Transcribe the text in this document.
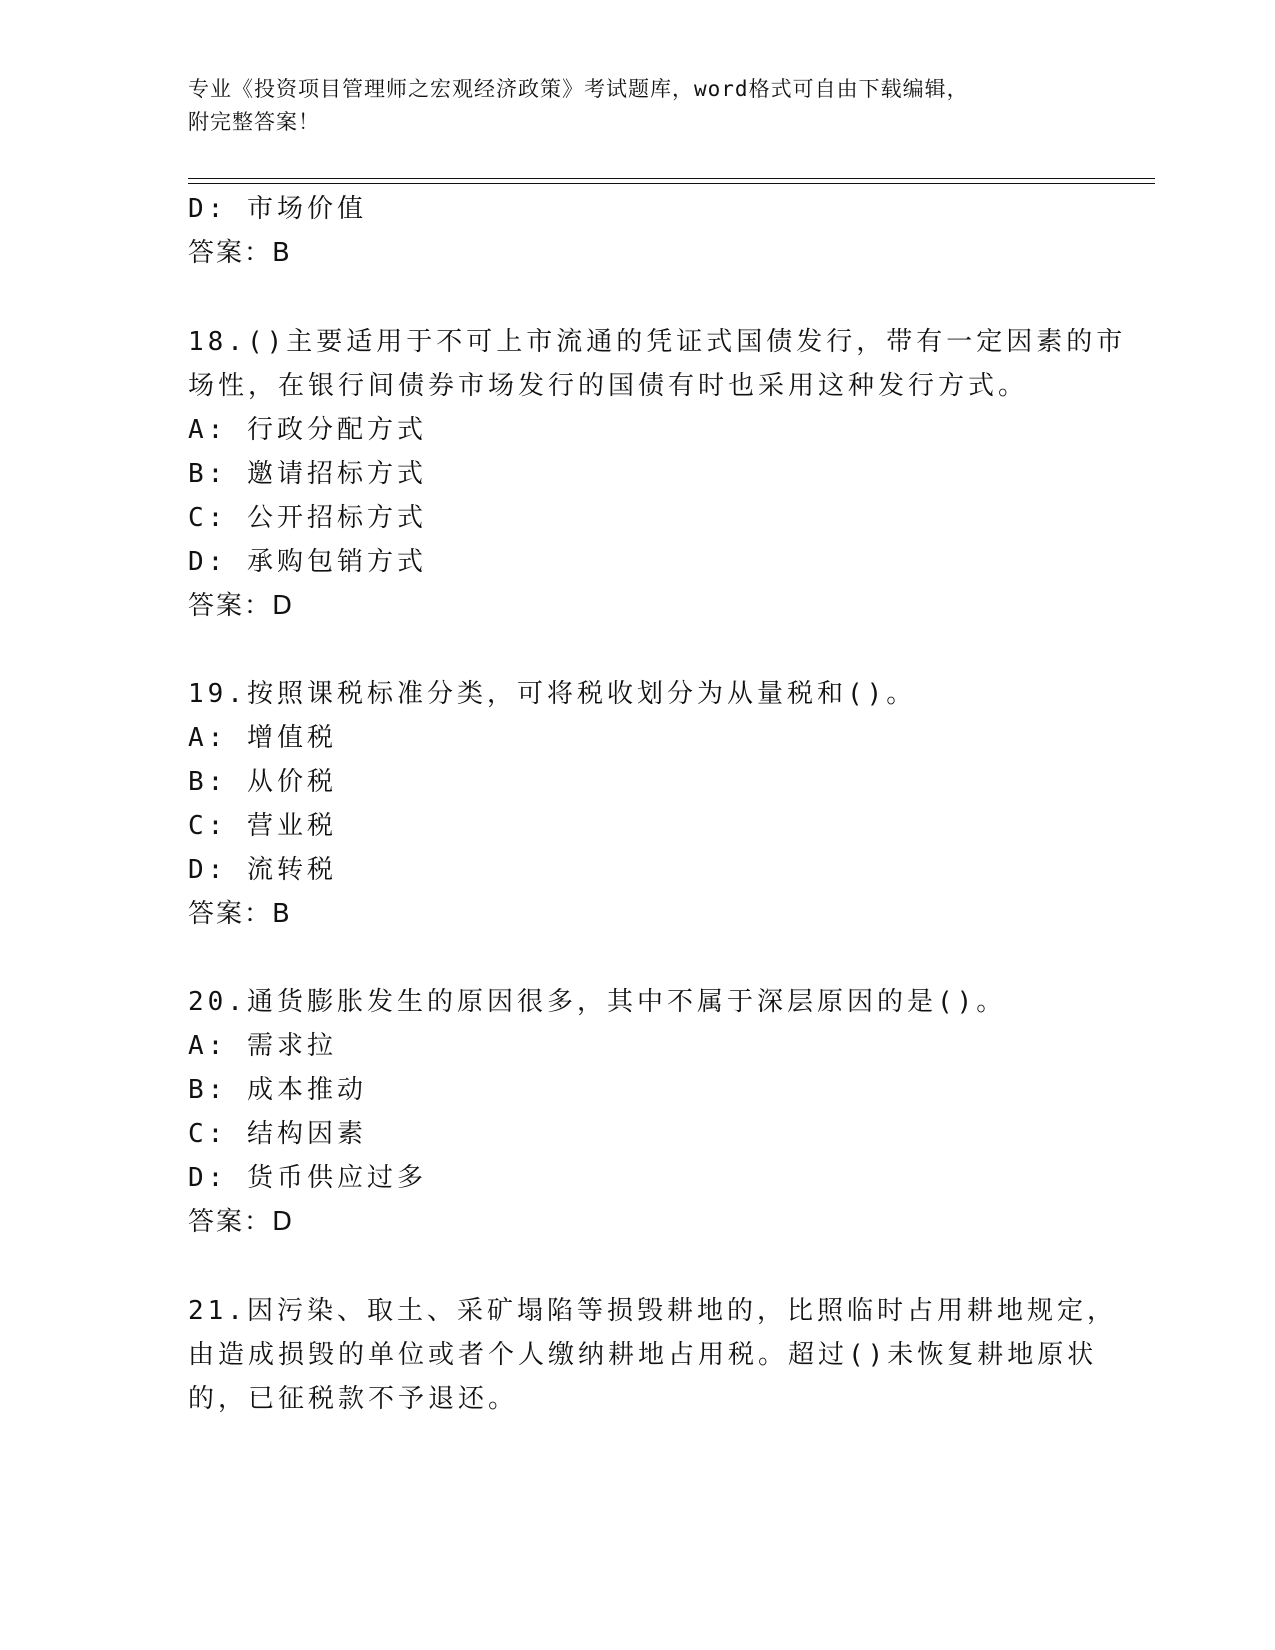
专业《投资项目管理师之宏观经济政策》考试题库，word格式可自由下载编辑，
附完整答案！
D: 市场价值
答案：B
18.()主要适用于不可上市流通的凭证式国债发行，带有一定因素的市
场性，在银行间债券市场发行的国债有时也采用这种发行方式。
A: 行政分配方式
B: 邀请招标方式
C: 公开招标方式
D: 承购包销方式
答案：D
19.按照课税标准分类，可将税收划分为从量税和()。
A: 增值税
B: 从价税
C: 营业税
D: 流转税
答案：B
20.通货膨胀发生的原因很多，其中不属于深层原因的是()。
A: 需求拉
B: 成本推动
C: 结构因素
D: 货币供应过多
答案：D
21.因污染、取土、采矿塌陷等损毁耕地的，比照临时占用耕地规定，
由造成损毁的单位或者个人缴纳耕地占用税。超过()未恢复耕地原状
的，已征税款不予退还。
